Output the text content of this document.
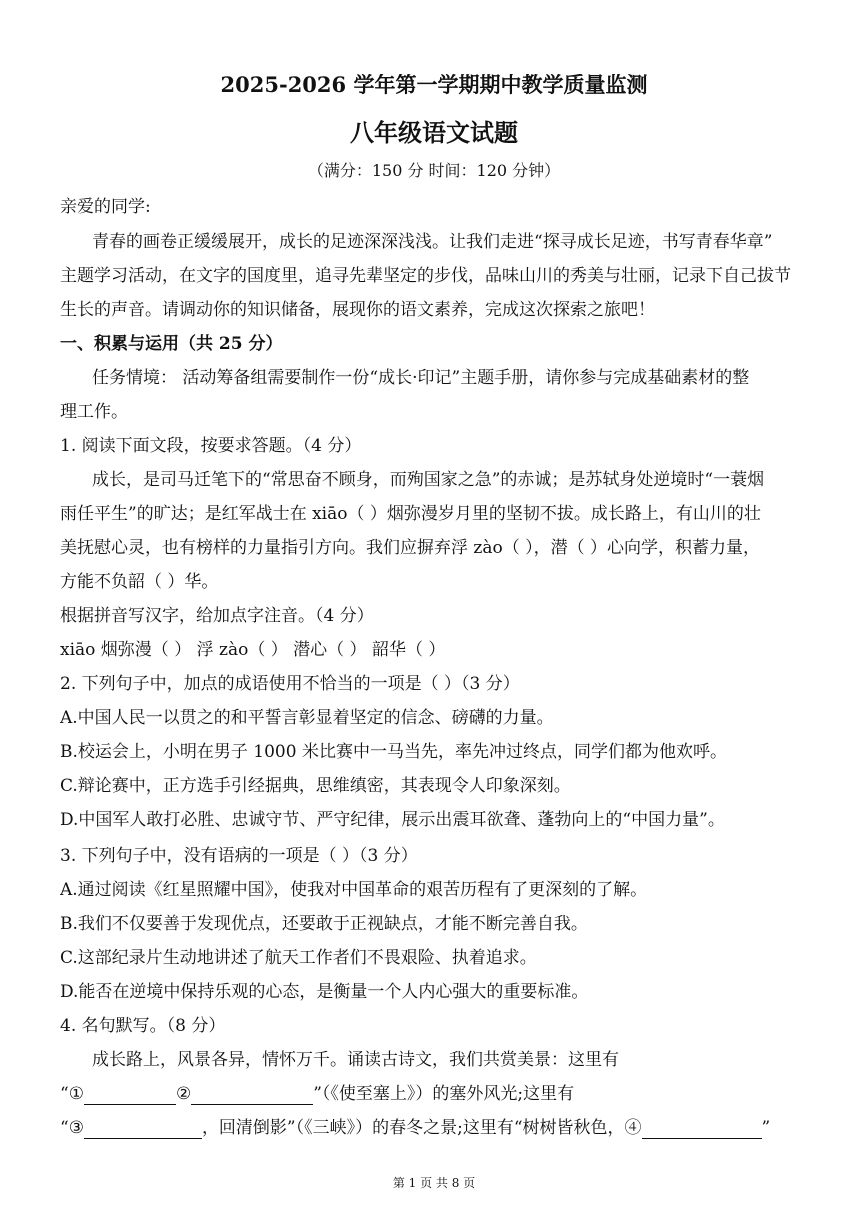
2025-2026 学年第一学期期中教学质量监测
八年级语文试题
（满分：150 分 时间：120 分钟）
亲爱的同学:
青春的画卷正缓缓展开，成长的足迹深深浅浅。让我们走进“探寻成长足迹，书写青春华章”
主题学习活动，在文字的国度里，追寻先辈坚定的步伐，品味山川的秀美与壮丽，记录下自己拔节
生长的声音。请调动你的知识储备，展现你的语文素养，完成这次探索之旅吧！
一、积累与运用（共 25 分）
任务情境： 活动筹备组需要制作一份“成长·印记”主题手册，请你参与完成基础素材的整
理工作。
1. 阅读下面文段，按要求答题。（4 分）
成长，是司马迁笔下的“常思奋不顾身，而殉国家之急”的赤诚；是苏轼身处逆境时“一蓑烟
雨任平生”的旷达；是红军战士在 xiāo（ ）烟弥漫岁月里的坚韧不拔。成长路上，有山川的壮
美抚慰心灵，也有榜样的力量指引方向。我们应摒弃浮 zào（ ），潜（ ）心向学，积蓄力量，
方能不负韶（ ）华。
根据拼音写汉字，给加点字注音。（4 分）
xiāo 烟弥漫（ ） 浮 zào（ ） 潜心（ ） 韶华（ ）
2. 下列句子中，加点的成语使用不恰当的一项是（ ）（3 分）
A.中国人民一以贯之的和平誓言彰显着坚定的信念、磅礴的力量。
B.校运会上，小明在男子 1000 米比赛中一马当先，率先冲过终点，同学们都为他欢呼。
C.辩论赛中，正方选手引经据典，思维缜密，其表现令人印象深刻。
D.中国军人敢打必胜、忠诚守节、严守纪律，展示出震耳欲聋、蓬勃向上的“中国力量”。
3. 下列句子中，没有语病的一项是（ ）（3 分）
A.通过阅读《红星照耀中国》，使我对中国革命的艰苦历程有了更深刻的了解。
B.我们不仅要善于发现优点，还要敢于正视缺点，才能不断完善自我。
C.这部纪录片生动地讲述了航天工作者们不畏艰险、执着追求。
D.能否在逆境中保持乐观的心态，是衡量一个人内心强大的重要标准。
4. 名句默写。（8 分）
成长路上，风景各异，情怀万千。诵读古诗文，我们共赏美景：这里有
“①	②	”（《使至塞上》）的塞外风光;这里有
“③	，回清倒影”（《三峡》）的春冬之景;这里有“树树皆秋色，④	”
第 1 页 共 8 页
